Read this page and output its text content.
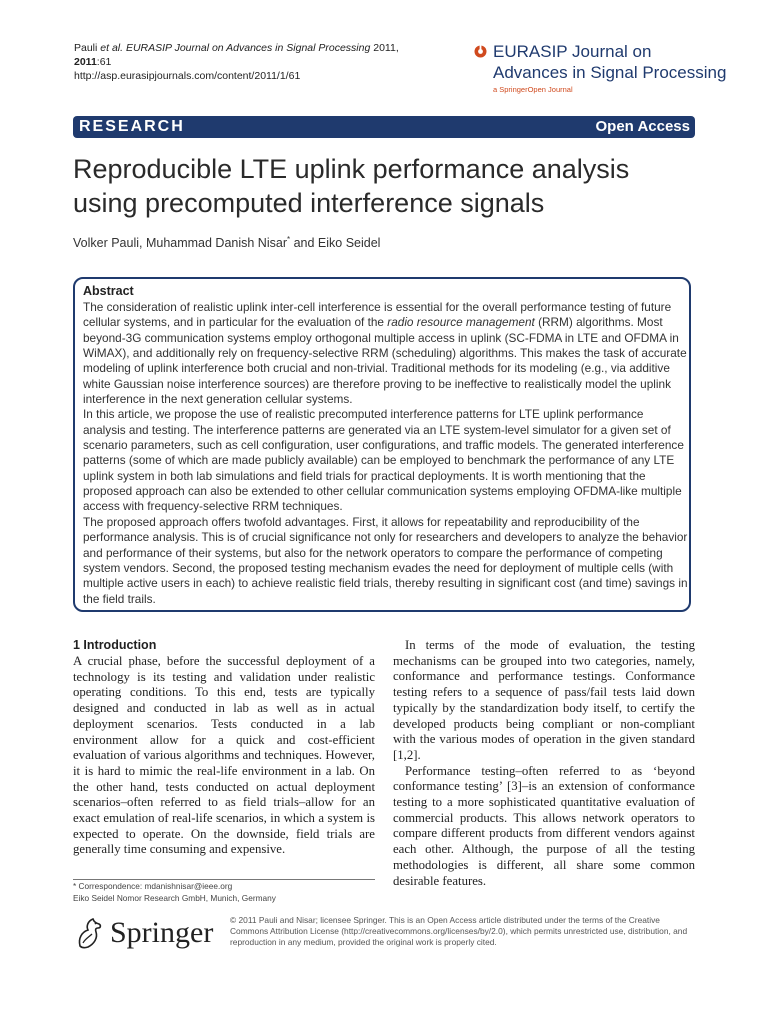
Pauli et al. EURASIP Journal on Advances in Signal Processing 2011, 2011:61
http://asp.eurasipjournals.com/content/2011/1/61
EURASIP Journal on
Advances in Signal Processing
a SpringerOpen Journal
RESEARCH	Open Access
Reproducible LTE uplink performance analysis
using precomputed interference signals
Volker Pauli, Muhammad Danish Nisar* and Eiko Seidel
Abstract

The consideration of realistic uplink inter-cell interference is essential for the overall performance testing of future cellular systems, and in particular for the evaluation of the radio resource management (RRM) algorithms. Most beyond-3G communication systems employ orthogonal multiple access in uplink (SC-FDMA in LTE and OFDMA in WiMAX), and additionally rely on frequency-selective RRM (scheduling) algorithms. This makes the task of accurate modeling of uplink interference both crucial and non-trivial. Traditional methods for its modeling (e.g., via additive white Gaussian noise interference sources) are therefore proving to be ineffective to realistically model the uplink interference in the next generation cellular systems.

In this article, we propose the use of realistic precomputed interference patterns for LTE uplink performance analysis and testing. The interference patterns are generated via an LTE system-level simulator for a given set of scenario parameters, such as cell configuration, user configurations, and traffic models. The generated interference patterns (some of which are made publicly available) can be employed to benchmark the performance of any LTE uplink system in both lab simulations and field trials for practical deployments. It is worth mentioning that the proposed approach can also be extended to other cellular communication systems employing OFDMA-like multiple access with frequency-selective RRM techniques.

The proposed approach offers twofold advantages. First, it allows for repeatability and reproducibility of the performance analysis. This is of crucial significance not only for researchers and developers to analyze the behavior and performance of their systems, but also for the network operators to compare the performance of competing system vendors. Second, the proposed testing mechanism evades the need for deployment of multiple cells (with multiple active users in each) to achieve realistic field trials, thereby resulting in significant cost (and time) savings in the field trails.

1 Introduction

A crucial phase, before the successful deployment of a technology is its testing and validation under realistic operating conditions. To this end, tests are typically designed and conducted in lab as well as in actual deployment scenarios. Tests conducted in a lab environment allow for a quick and cost-efficient evaluation of various algorithms and techniques. However, it is hard to mimic the real-life environment in a lab. On the other hand, tests conducted on actual deployment scenarios–often referred to as field trials–allow for an exact emulation of real-life scenarios, in which a system is expected to operate. On the downside, field trials are generally time consuming and expensive.

In terms of the mode of evaluation, the testing mechanisms can be grouped into two categories, namely, conformance and performance testings. Conformance testing refers to a sequence of pass/fail tests laid down typically by the standardization body itself, to certify the developed products being compliant or non-compliant with the various modes of operation in the given standard [1,2].

Performance testing–often referred to as ‘beyond conformance testing’ [3]–is an extension of conformance testing to a more sophisticated quantitative evaluation of commercial products. This allows network operators to compare different products from different vendors against each other. Although, the purpose of all the testing methodologies is different, all share some common desirable features.

* Correspondence: mdanishnisar@ieee.org
Eiko Seidel Nomor Research GmbH, Munich, Germany
Springer © 2011 Pauli and Nisar; licensee Springer. This is an Open Access article distributed under the terms of the Creative Commons Attribution License (http://creativecommons.org/licenses/by/2.0), which permits unrestricted use, distribution, and reproduction in any medium, provided the original work is properly cited.
